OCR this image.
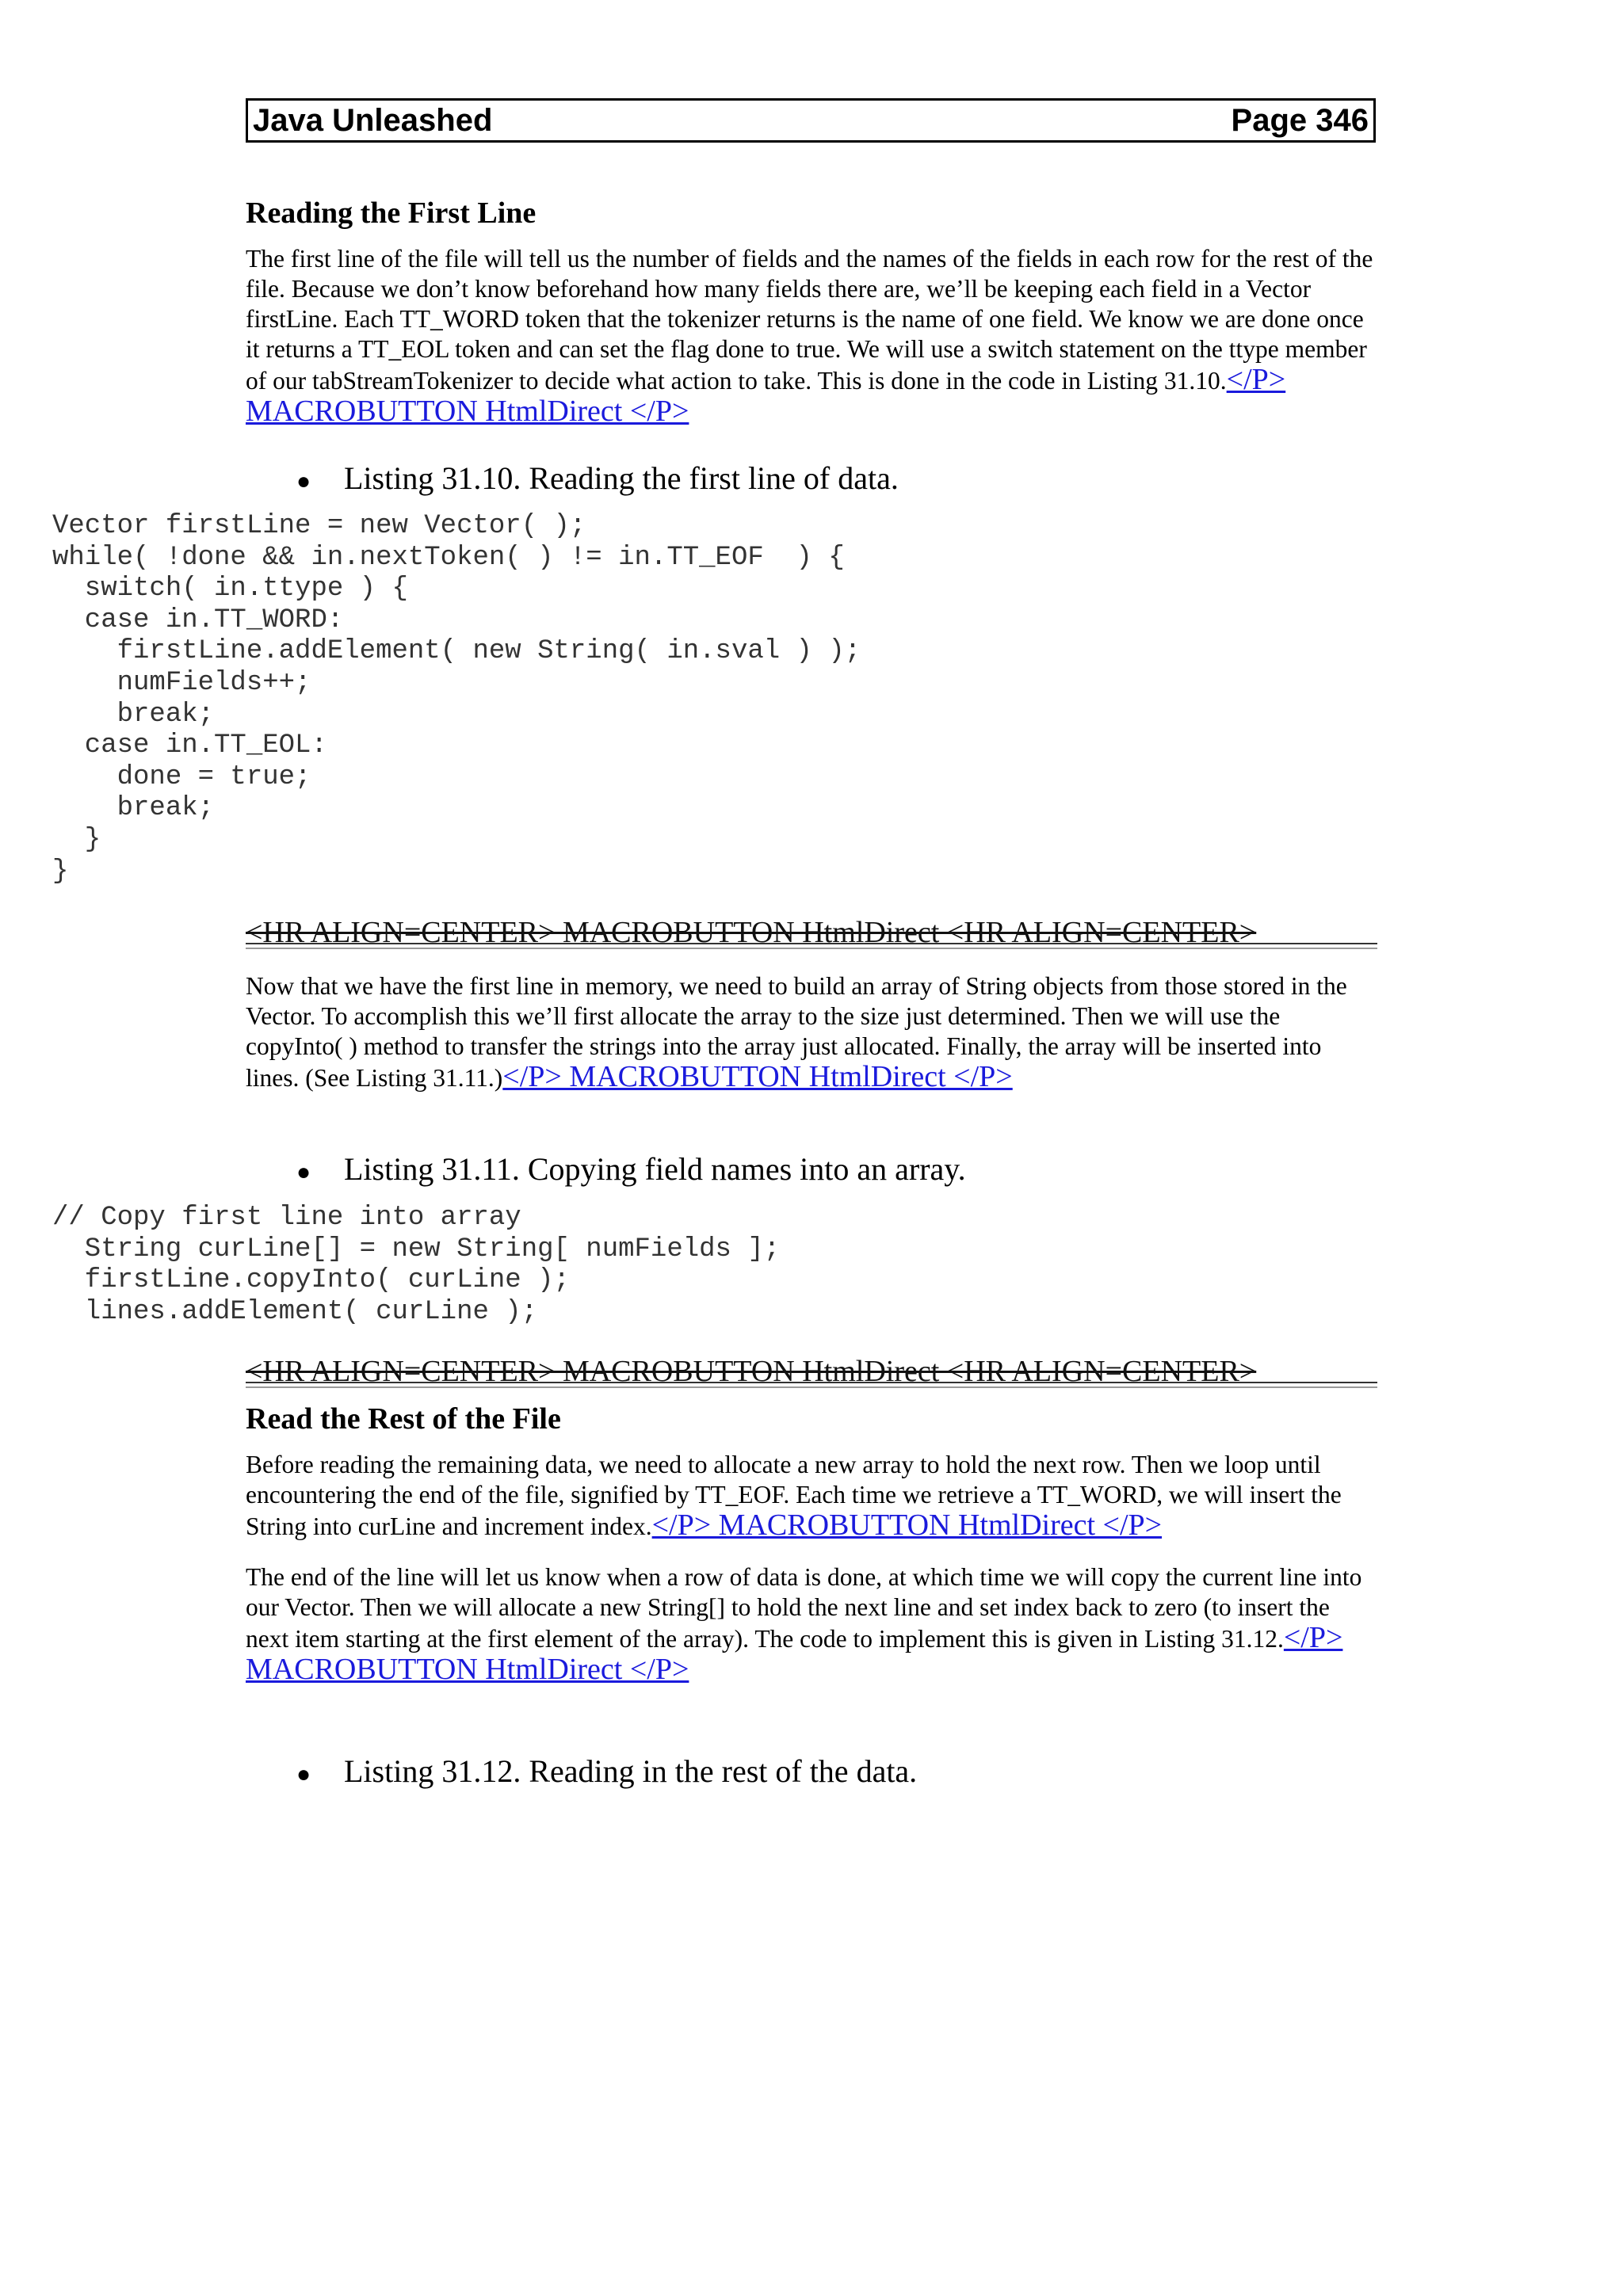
Java Unleashed	Page 346
Reading the First Line

The first line of the file will tell us the number of fields and the names of the fields in each row for the rest of the file. Because we don’t know beforehand how many fields there are, we’ll be keeping each field in a Vector firstLine. Each TT_WORD token that the tokenizer returns is the name of one field. We know we are done once it returns a TT_EOL token and can set the flag done to true. We will use a switch statement on the ttype member of our tabStreamTokenizer to decide what action to take. This is done in the code in Listing 31.10.</P> MACROBUTTON HtmlDirect </P>

● Listing 31.10. Reading the first line of data.
Vector firstLine = new Vector( );
while( !done && in.nextToken( ) != in.TT_EOF  ) {
switch( in.ttype ) {
case in.TT_WORD:
firstLine.addElement( new String( in.sval ) );
numFields++;
break;
case in.TT_EOL:
done = true;
break;
}
}
<HR ALIGN=CENTER> MACROBUTTON HtmlDirect <HR ALIGN=CENTER>

Now that we have the first line in memory, we need to build an array of String objects from those stored in the Vector. To accomplish this we’ll first allocate the array to the size just determined. Then we will use the copyInto( ) method to transfer the strings into the array just allocated. Finally, the array will be inserted into lines. (See Listing 31.11.)</P> MACROBUTTON HtmlDirect </P>

● Listing 31.11. Copying field names into an array.
// Copy first line into array
String curLine[] = new String[ numFields ];
firstLine.copyInto( curLine );
lines.addElement( curLine );
<HR ALIGN=CENTER> MACROBUTTON HtmlDirect <HR ALIGN=CENTER>
Read the Rest of the File

Before reading the remaining data, we need to allocate a new array to hold the next row. Then we loop until encountering the end of the file, signified by TT_EOF. Each time we retrieve a TT_WORD, we will insert the String into curLine and increment index.</P> MACROBUTTON HtmlDirect </P>

The end of the line will let us know when a row of data is done, at which time we will copy the current line into our Vector. Then we will allocate a new String[] to hold the next line and set index back to zero (to insert the next item starting at the first element of the array). The code to implement this is given in Listing 31.12.</P> MACROBUTTON HtmlDirect </P>

● Listing 31.12. Reading in the rest of the data.
